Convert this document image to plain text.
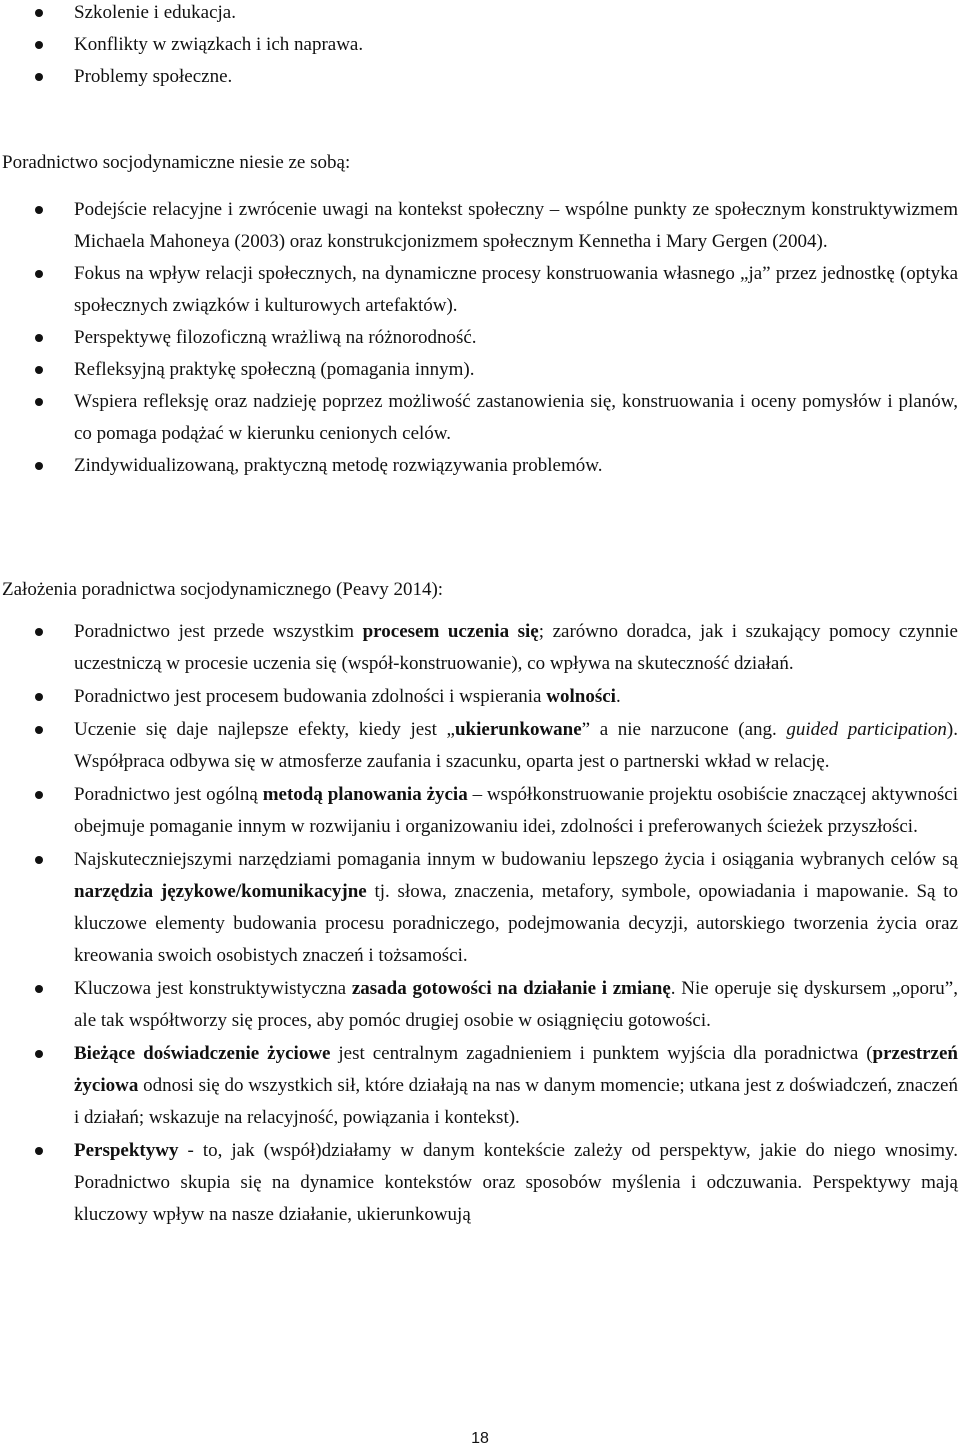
Szkolenie i edukacja.
Konflikty w związkach i ich naprawa.
Problemy społeczne.
Poradnictwo socjodynamiczne niesie ze sobą:
Podejście relacyjne i zwrócenie uwagi na kontekst społeczny – wspólne punkty ze społecznym konstruktywizmem Michaela Mahoneya (2003) oraz konstrukcjonizmem społecznym Kennetha i Mary Gergen (2004).
Fokus na wpływ relacji społecznych, na dynamiczne procesy konstruowania własnego „ja” przez jednostkę (optyka społecznych związków i kulturowych artefaktów).
Perspektywę filozoficzną wrażliwą na różnorodność.
Refleksyjną praktykę społeczną (pomagania innym).
Wspiera refleksję oraz nadzieję poprzez możliwość zastanowienia się, konstruowania i oceny pomysłów i planów, co pomaga podążać w kierunku cenionych celów.
Zindywidualizowaną, praktyczną metodę rozwiązywania problemów.
Założenia poradnictwa socjodynamicznego (Peavy 2014):
Poradnictwo jest przede wszystkim procesem uczenia się; zarówno doradca, jak i szukający pomocy czynnie uczestniczą w procesie uczenia się (współ-konstruowanie), co wpływa na skuteczność działań.
Poradnictwo jest procesem budowania zdolności i wspierania wolności.
Uczenie się daje najlepsze efekty, kiedy jest „ukierunkowane” a nie narzucone (ang. guided participation). Współpraca odbywa się w atmosferze zaufania i szacunku, oparta jest o partnerski wkład w relację.
Poradnictwo jest ogólną metodą planowania życia – współkonstruowanie projektu osobiście znaczącej aktywności obejmuje pomaganie innym w rozwijaniu i organizowaniu idei, zdolności i preferowanych ścieżek przyszłości.
Najskuteczniejszymi narzędziami pomagania innym w budowaniu lepszego życia i osiągania wybranych celów są narzędzia językowe/komunikacyjne tj. słowa, znaczenia, metafory, symbole, opowiadania i mapowanie. Są to kluczowe elementy budowania procesu poradniczego, podejmowania decyzji, autorskiego tworzenia życia oraz kreowania swoich osobistych znaczeń i tożsamości.
Kluczowa jest konstruktywistyczna zasada gotowości na działanie i zmianę. Nie operuje się dyskursem „oporu”, ale tak współtworzy się proces, aby pomóc drugiej osobie w osiągnięciu gotowości.
Bieżące doświadczenie życiowe jest centralnym zagadnieniem i punktem wyjścia dla poradnictwa (przestrzeń życiowa odnosi się do wszystkich sił, które działają na nas w danym momencie; utkana jest z doświadczeń, znaczeń i działań; wskazuje na relacyjność, powiązania i kontekst).
Perspektywy - to, jak (współ)działamy w danym kontekście zależy od perspektyw, jakie do niego wnosimy. Poradnictwo skupia się na dynamice kontekstów oraz sposobów myślenia i odczuwania. Perspektywy mają kluczowy wpływ na nasze działanie, ukierunkowują
18
